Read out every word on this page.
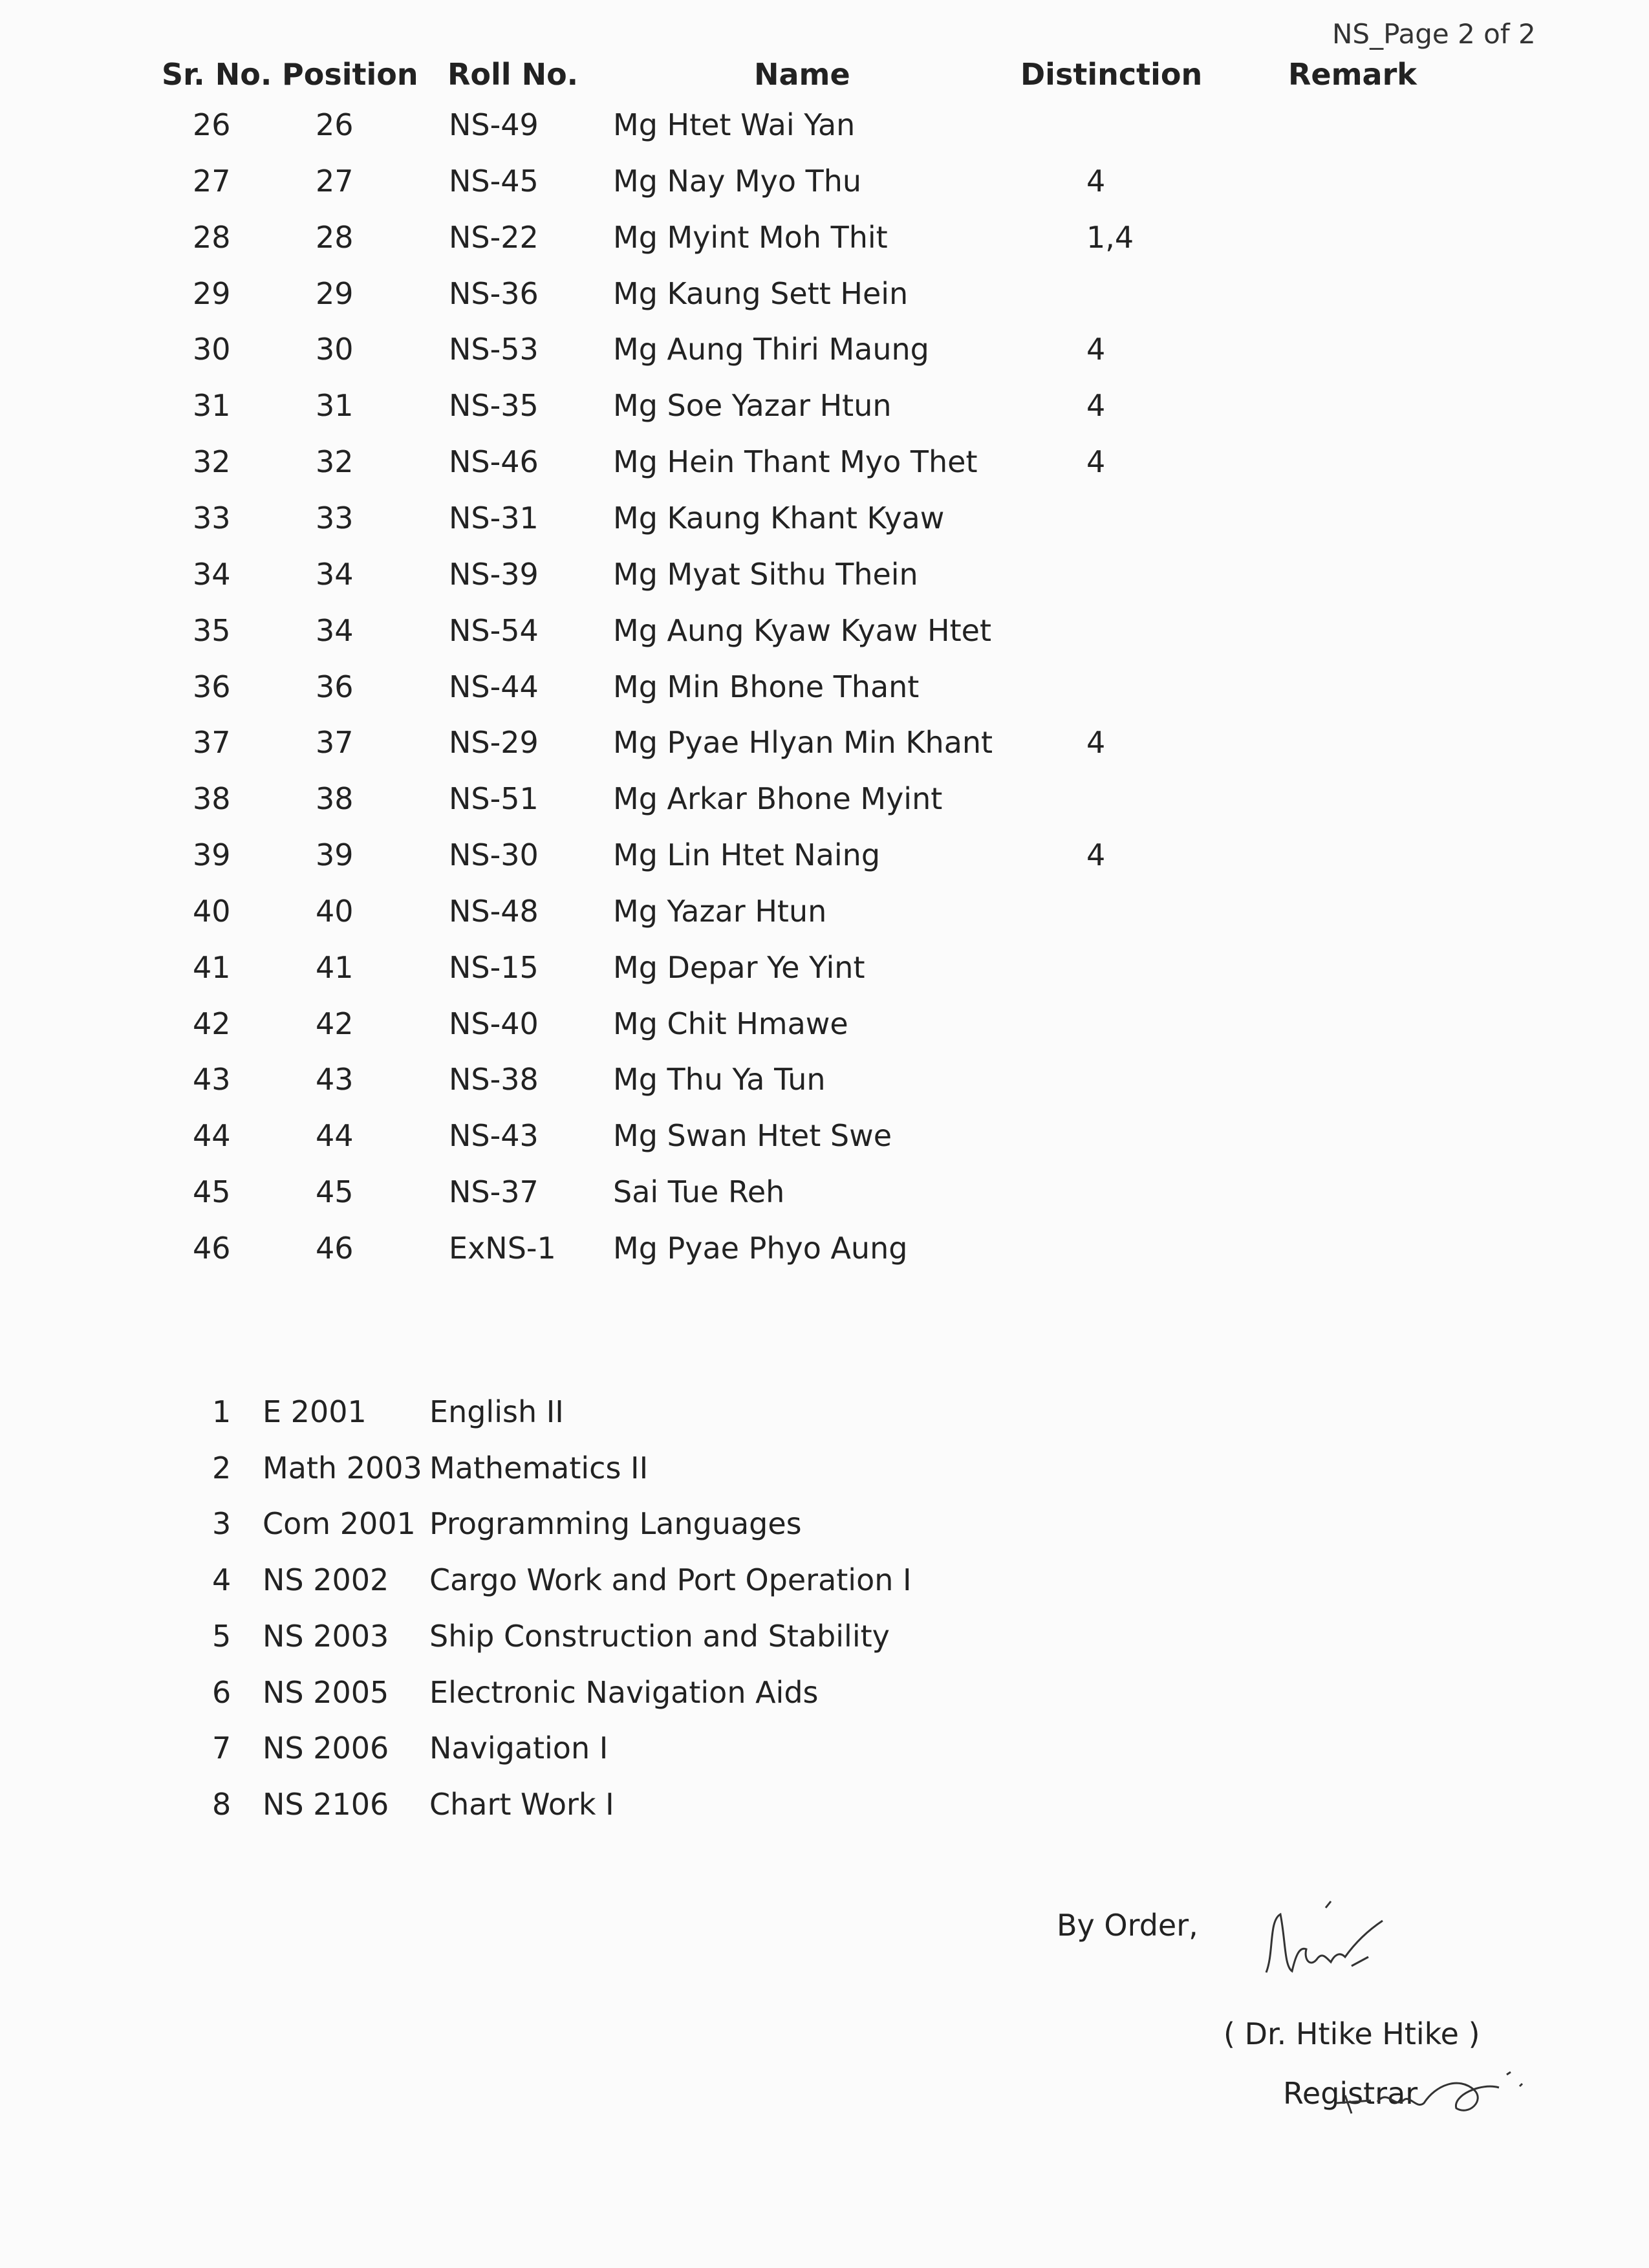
NS_Page 2 of 2
Sr. No. Position Roll No.	Name	Distinction	Remark
26	26	NS-49	Mg Htet Wai Yan
27	27	NS-45	Mg Nay Myo Thu	4
28	28	NS-22	Mg Myint Moh Thit	1,4
29	29	NS-36	Mg Kaung Sett Hein
30	30	NS-53	Mg Aung Thiri Maung	4
31	31	NS-35	Mg Soe Yazar Htun	4
32	32	NS-46	Mg Hein Thant Myo Thet	4
33	33	NS-31	Mg Kaung Khant Kyaw
34	34	NS-39	Mg Myat Sithu Thein
35	34	NS-54	Mg Aung Kyaw Kyaw Htet
36	36	NS-44	Mg Min Bhone Thant
37	37	NS-29	Mg Pyae Hlyan Min Khant	4
38	38	NS-51	Mg Arkar Bhone Myint
39	39	NS-30	Mg Lin Htet Naing	4
40	40	NS-48	Mg Yazar Htun
41	41	NS-15	Mg Depar Ye Yint
42	42	NS-40	Mg Chit Hmawe
43	43	NS-38	Mg Thu Ya Tun
44	44	NS-43	Mg Swan Htet Swe
45	45	NS-37	Sai Tue Reh
46	46	ExNS-1 Mg Pyae Phyo Aung
1 E 2001 English II
2 Math 2003 Mathematics II
3 Com 2001 Programming Languages
4 NS 2002 Cargo Work and Port Operation I
5 NS 2003 Ship Construction and Stability
6 NS 2005 Electronic Navigation Aids
7 NS 2006 Navigation I
8 NS 2106 Chart Work I
By Order,
( Dr. Htike Htike )
Registrar
